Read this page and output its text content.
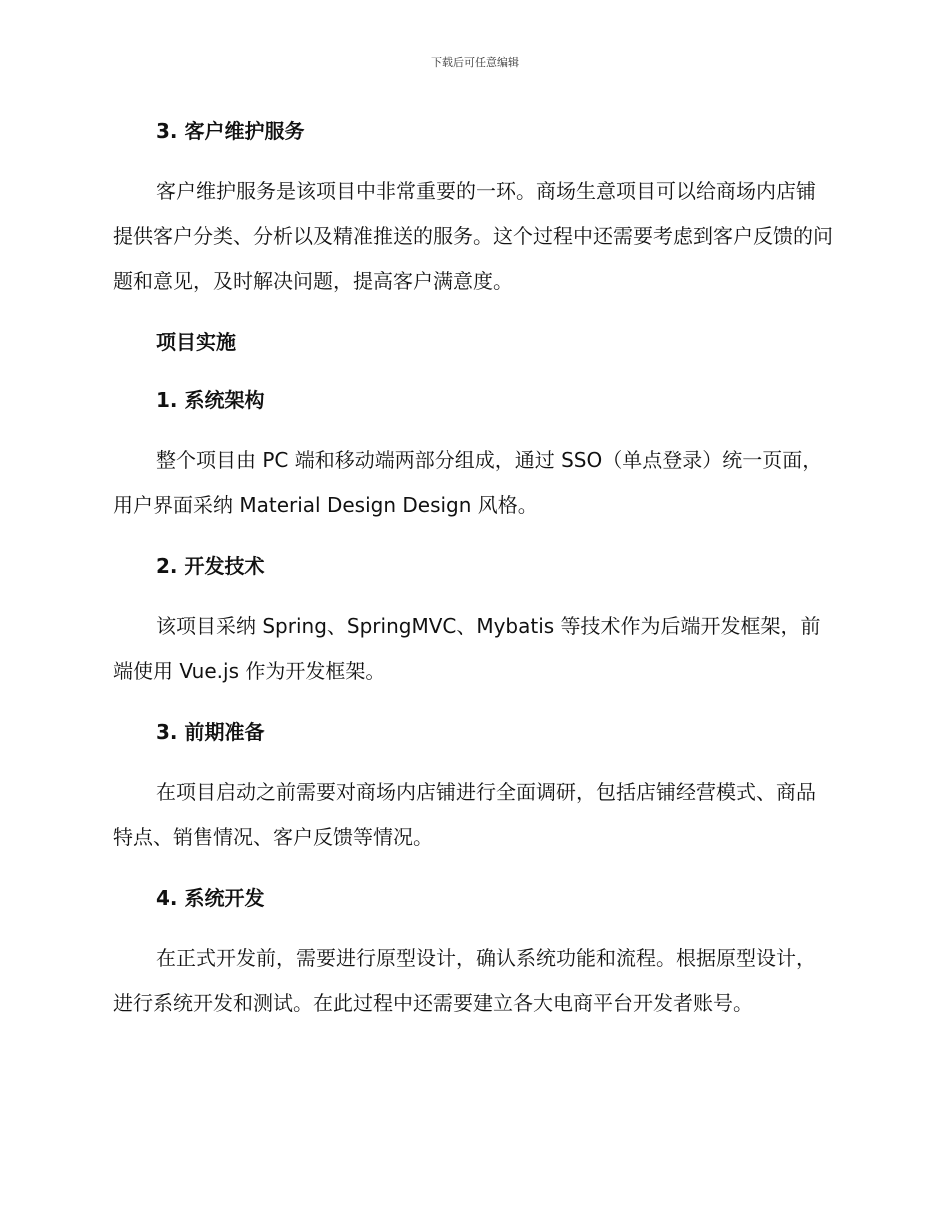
下载后可任意编辑
3. 客户维护服务
客户维护服务是该项目中非常重要的一环。商场生意项目可以给商场内店铺提供客户分类、分析以及精准推送的服务。这个过程中还需要考虑到客户反馈的问题和意见，及时解决问题，提高客户满意度。
项目实施
1. 系统架构
整个项目由 PC 端和移动端两部分组成，通过 SSO（单点登录）统一页面，用户界面采纳 Material Design Design 风格。
2. 开发技术
该项目采纳 Spring、SpringMVC、Mybatis 等技术作为后端开发框架，前端使用 Vue.js 作为开发框架。
3. 前期准备
在项目启动之前需要对商场内店铺进行全面调研，包括店铺经营模式、商品特点、销售情况、客户反馈等情况。
4. 系统开发
在正式开发前，需要进行原型设计，确认系统功能和流程。根据原型设计，进行系统开发和测试。在此过程中还需要建立各大电商平台开发者账号。
